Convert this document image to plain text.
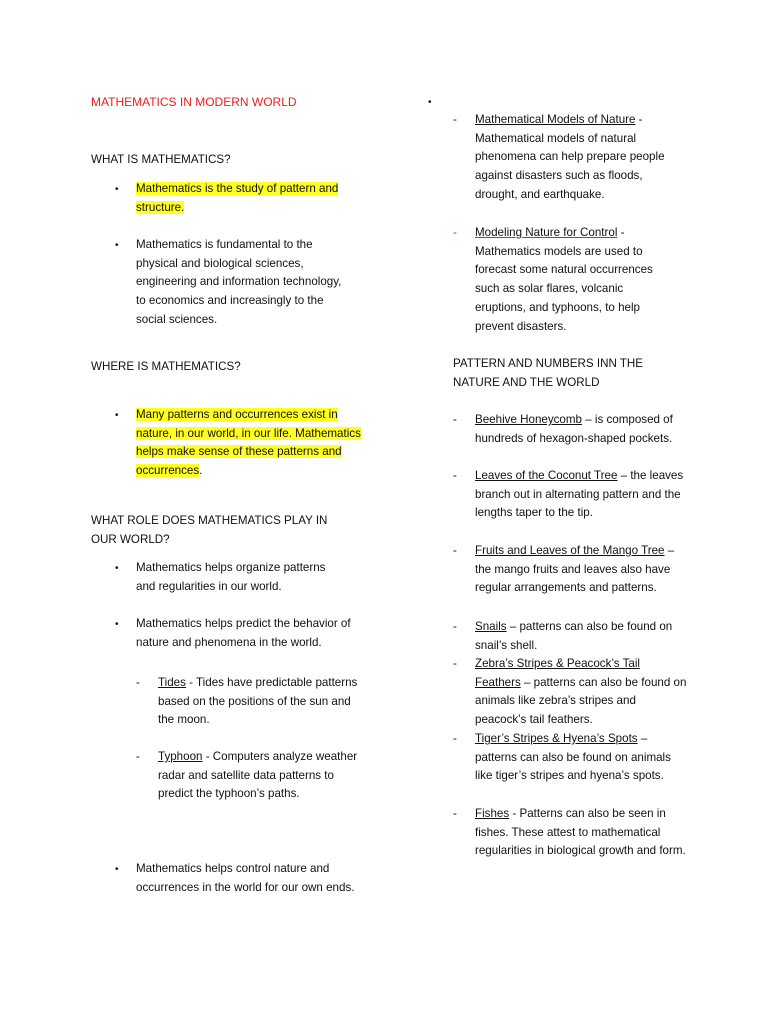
MATHEMATICS IN MODERN WORLD
WHAT IS MATHEMATICS?
• Mathematics is the study of pattern and structure.
• Mathematics is fundamental to the physical and biological sciences, engineering and information technology, to economics and increasingly to the social sciences.
WHERE IS MATHEMATICS?
• Many patterns and occurrences exist in nature, in our world, in our life. Mathematics helps make sense of these patterns and occurrences.
WHAT ROLE DOES MATHEMATICS PLAY IN OUR WORLD?
• Mathematics helps organize patterns and regularities in our world.
• Mathematics helps predict the behavior of nature and phenomena in the world.
- Tides - Tides have predictable patterns based on the positions of the sun and the moon.
- Typhoon - Computers analyze weather radar and satellite data patterns to predict the typhoon’s paths.
• Mathematics helps control nature and occurrences in the world for our own ends.
•
- Mathematical Models of Nature - Mathematical models of natural phenomena can help prepare people against disasters such as floods, drought, and earthquake.
- Modeling Nature for Control - Mathematics models are used to forecast some natural occurrences such as solar flares, volcanic eruptions, and typhoons, to help prevent disasters.
PATTERN AND NUMBERS INN THE NATURE AND THE WORLD
- Beehive Honeycomb – is composed of hundreds of hexagon-shaped pockets.
- Leaves of the Coconut Tree – the leaves branch out in alternating pattern and the lengths taper to the tip.
- Fruits and Leaves of the Mango Tree – the mango fruits and leaves also have regular arrangements and patterns.
- Snails – patterns can also be found on snail’s shell.
- Zebra’s Stripes & Peacock’s Tail Feathers – patterns can also be found on animals like zebra’s stripes and peacock’s tail feathers.
- Tiger’s Stripes & Hyena’s Spots – patterns can also be found on animals like tiger’s stripes and hyena’s spots.
- Fishes - Patterns can also be seen in fishes. These attest to mathematical regularities in biological growth and form.
